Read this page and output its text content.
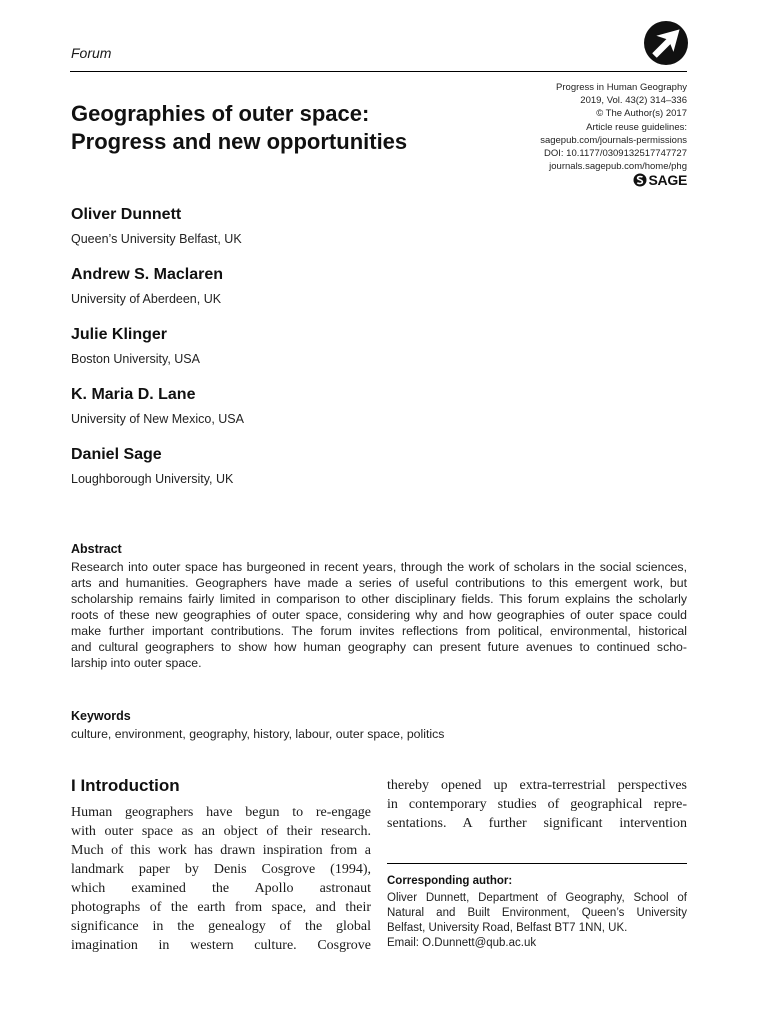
Forum
Progress in Human Geography
2019, Vol. 43(2) 314–336
© The Author(s) 2017
Article reuse guidelines:
sagepub.com/journals-permissions
DOI: 10.1177/0309132517747727
journals.sagepub.com/home/phg
SAGE
Geographies of outer space:
Progress and new opportunities
Oliver Dunnett
Queen’s University Belfast, UK
Andrew S. Maclaren
University of Aberdeen, UK
Julie Klinger
Boston University, USA
K. Maria D. Lane
University of New Mexico, USA
Daniel Sage
Loughborough University, UK
Abstract
Research into outer space has burgeoned in recent years, through the work of scholars in the social sciences,
arts and humanities. Geographers have made a series of useful contributions to this emergent work, but
scholarship remains fairly limited in comparison to other disciplinary fields. This forum explains the scholarly
roots of these new geographies of outer space, considering why and how geographies of outer space could
make further important contributions. The forum invites reflections from political, environmental, historical
and cultural geographers to show how human geography can present future avenues to continued scho-
larship into outer space.
Keywords
culture, environment, geography, history, labour, outer space, politics
I Introduction
Human geographers have begun to re-engage
with outer space as an object of their research.
Much of this work has drawn inspiration from a
landmark paper by Denis Cosgrove (1994),
which examined the Apollo astronaut
photographs of the earth from space, and their
significance in the genealogy of the global
imagination in western culture. Cosgrove
thereby opened up extra-terrestrial perspectives
in contemporary studies of geographical repre-
sentations. A further significant intervention
Corresponding author:
Oliver Dunnett, Department of Geography, School of
Natural and Built Environment, Queen’s University
Belfast, University Road, Belfast BT7 1NN, UK.
Email: O.Dunnett@qub.ac.uk
